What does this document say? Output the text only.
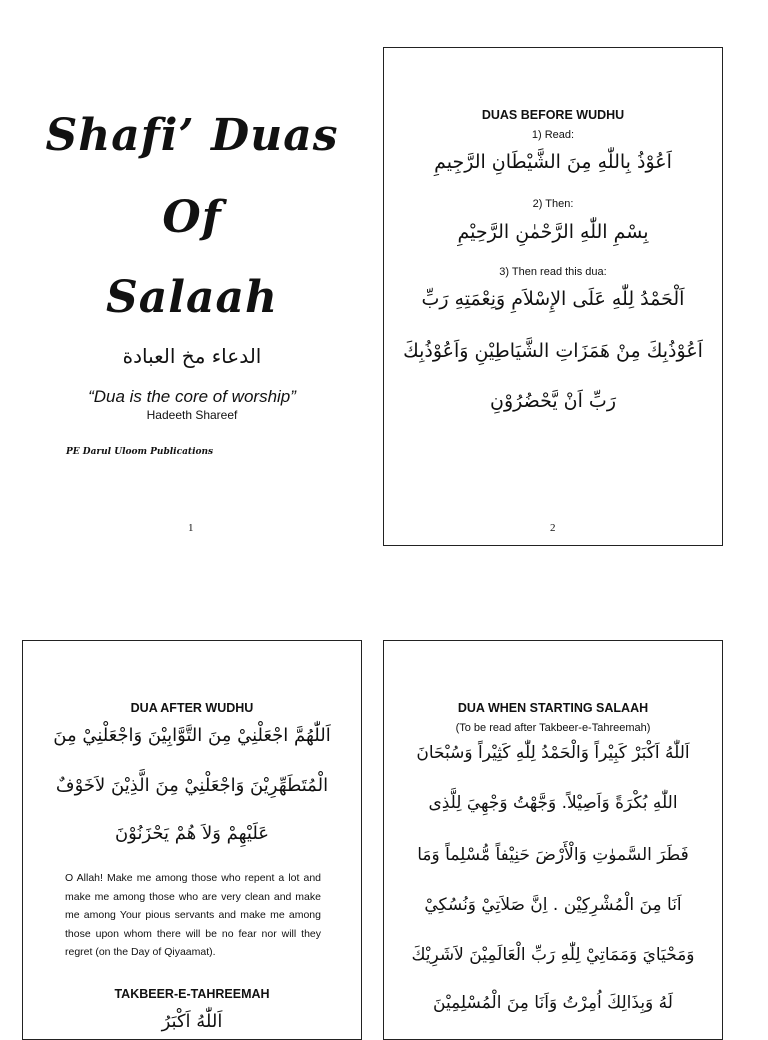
Shafi’ Duas
Of
Salaah
الدعاء مخ العبادة
“Dua is the core of worship”
Hadeeth Shareef
PE Darul Uloom Publications
1
DUAS BEFORE WUDHU
1) Read:
اَعُوْذُ بِاللّٰهِ مِنَ الشَّيْطَانِ الرَّجِيمِ
2) Then:
بِسْمِ اللّٰهِ الرَّحْمٰنِ الرَّحِيْمِ
3) Then read this dua:
اَلْحَمْدُ لِلّٰهِ عَلَى الإِسْلاَمِ وَنِعْمَتِهِ رَبِّ
اَعُوْذُبِكَ مِنْ هَمَزَاتِ الشَّيَاطِيْنِ وَاَعُوْذُبِكَ
رَبِّ اَنْ يَّحْضُرُوْنِ
2
DUA AFTER WUDHU
اَللّٰهُمَّ اجْعَلْنِيْ مِنَ التَّوَّابِيْنَ وَاجْعَلْنِيْ مِنَ
الْمُتَطَهِّرِيْنَ وَاجْعَلْنِيْ مِنَ الَّذِيْنَ لاَخَوْفٌ
عَلَيْهِمْ وَلاَ هُمْ يَحْزَنُوْنَ
O Allah! Make me among those who repent a lot and make me among those who are very clean and make me among Your pious servants and make me among those upon whom there will be no fear nor will they regret (on the Day of Qiyaamat).
TAKBEER-E-TAHREEMAH
اَللّٰهُ اَكْبَرُ
DUA WHEN STARTING SALAAH
(To be read after Takbeer-e-Tahreemah)
اَللّٰهُ اَكْبَرْ كَبِيْراً وَالْحَمْدُ لِلّٰهِ كَثِيْراً وَسُبْحَانَ
اللّٰهِ بُكْرَةً وَاَصِيْلاً. وَجَّهْتُ وَجْهِيَ لِلَّذِى
فَطَرَ السَّموٰتِ وَالْأَرْضَ حَنِيْفاً مُّسْلِماً وَمَا
اَنَا مِنَ الْمُشْرِكِيْن . اِنَّ صَلاَتِيْ وَنُسُكِيْ
وَمَحْيَايَ وَمَمَاتِيْ لِلّٰهِ رَبِّ الْعَالَمِيْنَ لاَشَرِيْكَ
لَهُ وَبِذَالِكَ اُمِرْتُ وَاَنَا مِنَ الْمُسْلِمِيْنَ
